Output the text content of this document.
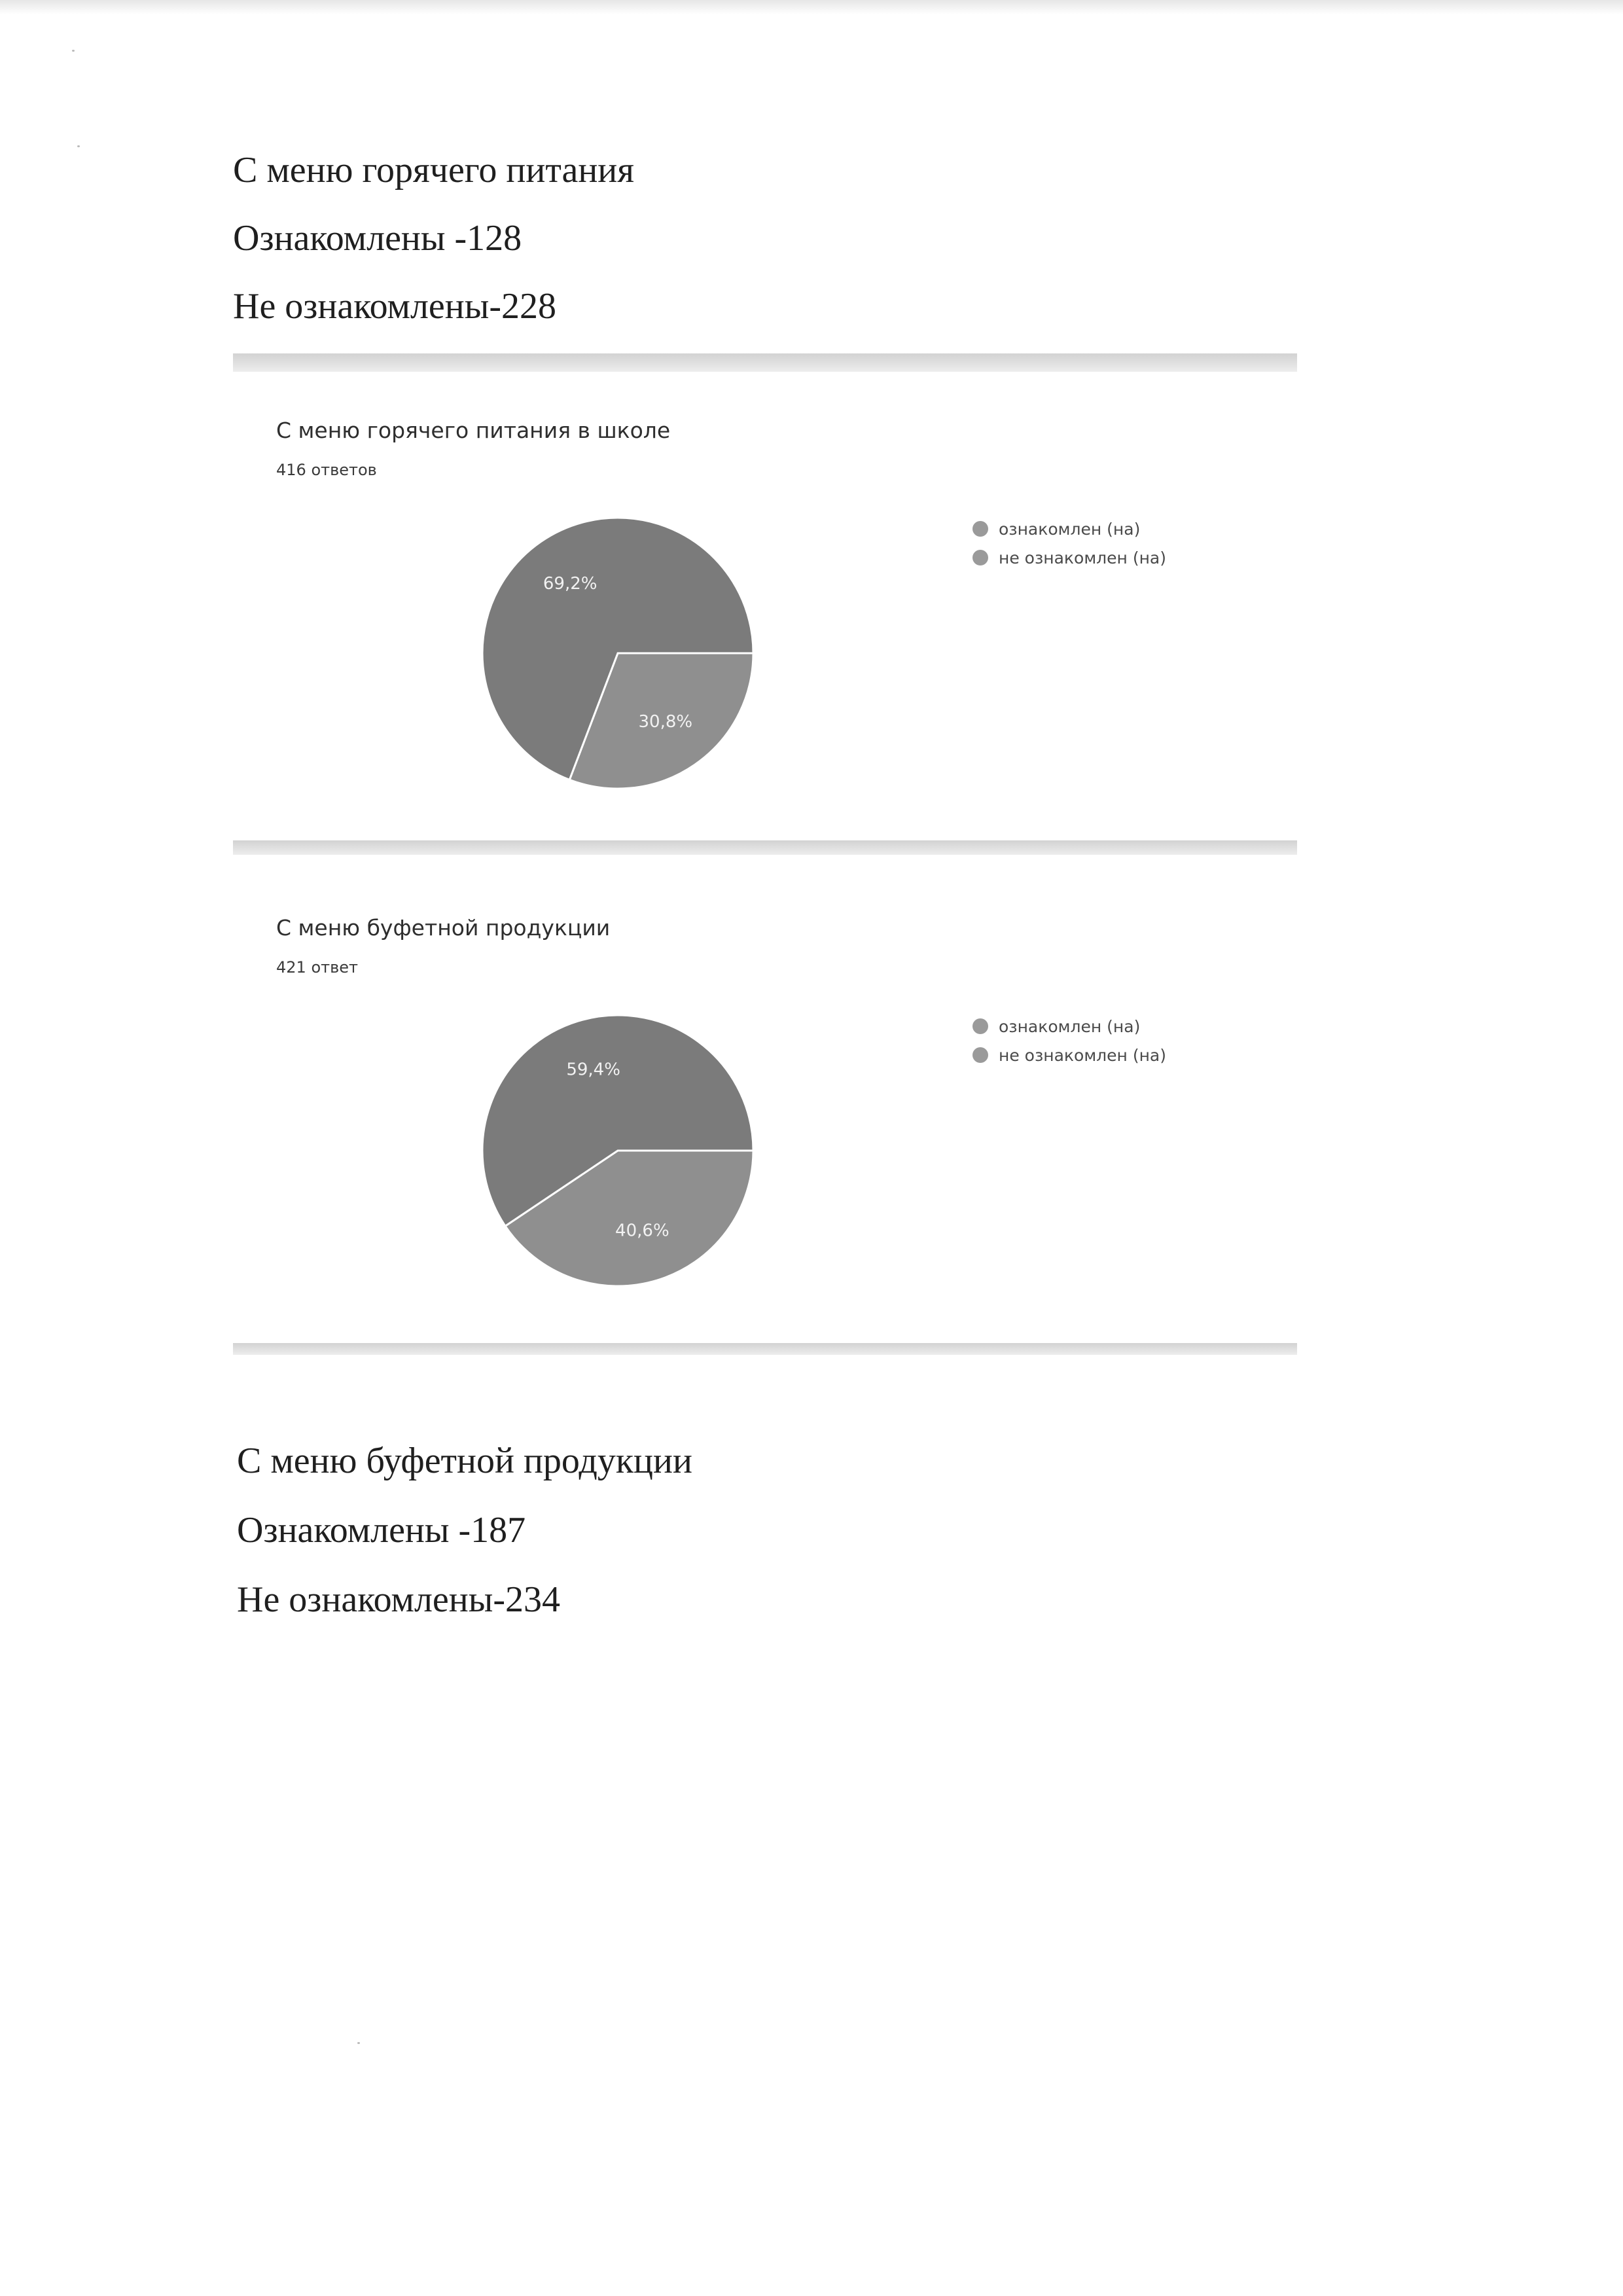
С меню горячего питания

Ознакомлены -128

Не ознакомлены-228

С меню горячего питания в школе
416 ответов
30,8%
69,2%
ознакомлен (на)
не ознакомлен (на)
С меню буфетной продукции
421 ответ
40,6%
59,4%
ознакомлен (на)
не ознакомлен (на)

С меню буфетной продукции

Ознакомлены -187

Не ознакомлены-234
